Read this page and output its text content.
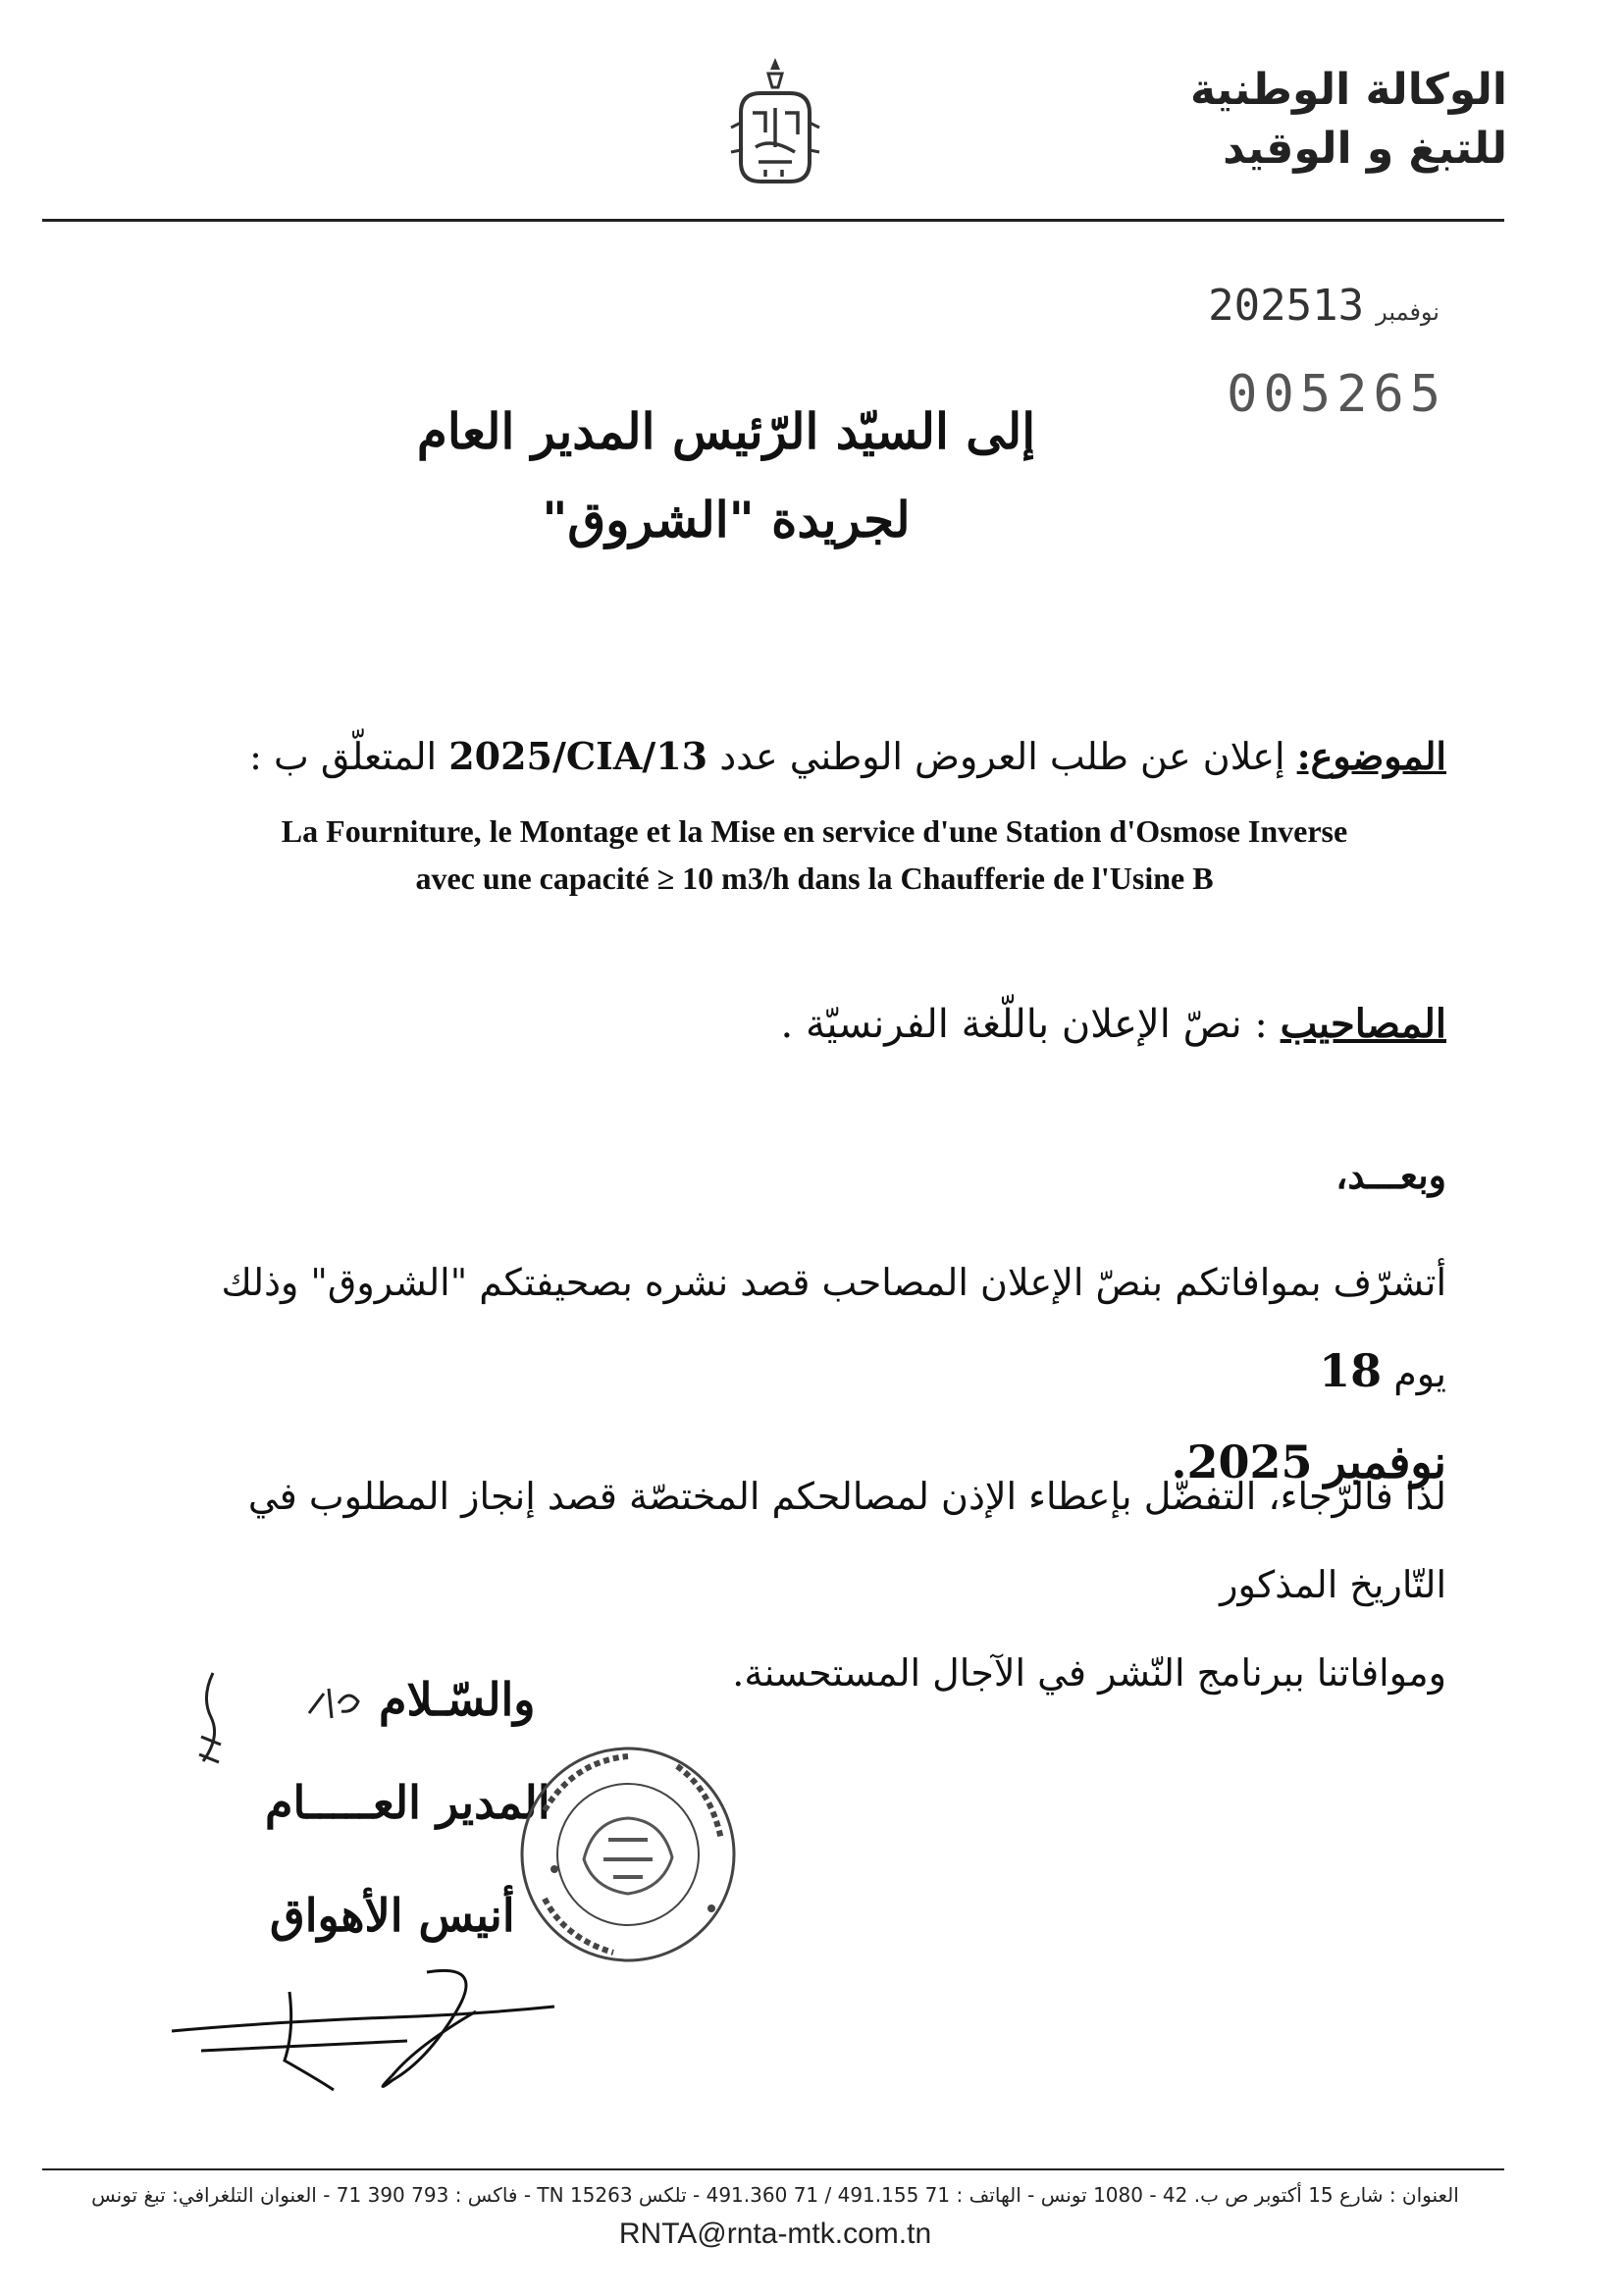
الوكالة الوطنية
للتبغ و الوقيد
2025	نوفمبر13
005265
إلى السيّد الرّئيس المدير العام
لجريدة "الشروق"
الموضوع: إعلان عن طلب العروض الوطني عدد 2025/CIA/13 المتعلّق ب :
La Fourniture, le Montage et la Mise en service d'une Station d'Osmose Inverse
avec une capacité ≥ 10 m3/h dans la Chaufferie de l'Usine B
المصاحيب : نصّ الإعلان باللّغة الفرنسيّة .
وبعـــد،
أتشرّف بموافاتكم بنصّ الإعلان المصاحب قصد نشره بصحيفتكم "الشروق" وذلك يوم 18
نوفمبر 2025.
لذا فالرّجاء، التفضّل بإعطاء الإذن لمصالحكم المختصّة قصد إنجاز المطلوب في التّاريخ المذكور
وموافاتنا ببرنامج النّشر في الآجال المستحسنة.
والسّـلام
المدير العـــــام
أنيس الأهواق
العنوان : شارع 15 أكتوبر ص ب. 42 - 1080 تونس - الهاتف : 71 491.155 / 71 491.360 - تلكس TN 15263 - فاكس : 793 390 71 - العنوان التلغرافي: تبغ تونس
RNTA@rnta-mtk.com.tn
